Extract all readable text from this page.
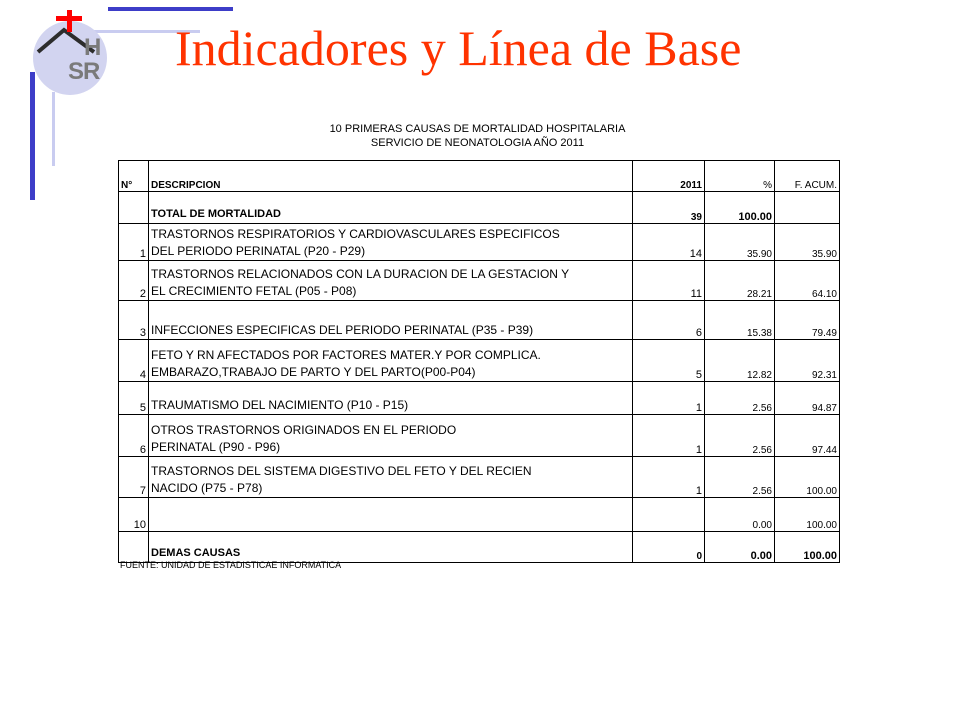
H
SR Indicadores y Línea de Base
10 PRIMERAS CAUSAS DE MORTALIDAD HOSPITALARIA
SERVICIO DE NEONATOLOGIA AÑO 2011
N°	DESCRIPCION	2011	%	F. ACUM.
	TOTAL DE MORTALIDAD	39	100.00	
1	TRASTORNOS RESPIRATORIOS Y CARDIOVASCULARES ESPECIFICOS
DEL PERIODO PERINATAL (P20 - P29)	14	35.90	35.90
2	TRASTORNOS RELACIONADOS CON LA DURACION DE LA GESTACION Y
EL CRECIMIENTO FETAL (P05 - P08)	11	28.21	64.10
3	INFECCIONES ESPECIFICAS DEL PERIODO PERINATAL (P35 - P39)	6	15.38	79.49
4	FETO Y RN AFECTADOS POR FACTORES MATER.Y POR COMPLICA.
EMBARAZO,TRABAJO DE PARTO Y DEL PARTO(P00-P04)	5	12.82	92.31
5	TRAUMATISMO DEL NACIMIENTO (P10 - P15)	1	2.56	94.87
6	OTROS TRASTORNOS ORIGINADOS EN EL PERIODO
PERINATAL (P90 - P96)	1	2.56	97.44
7	TRASTORNOS DEL SISTEMA DIGESTIVO DEL FETO Y DEL RECIEN
NACIDO (P75 - P78)	1	2.56	100.00
10			0.00	100.00
	DEMAS CAUSAS	0	0.00	100.00
FUENTE: UNIDAD DE ESTADISTICAE INFORMATICA
